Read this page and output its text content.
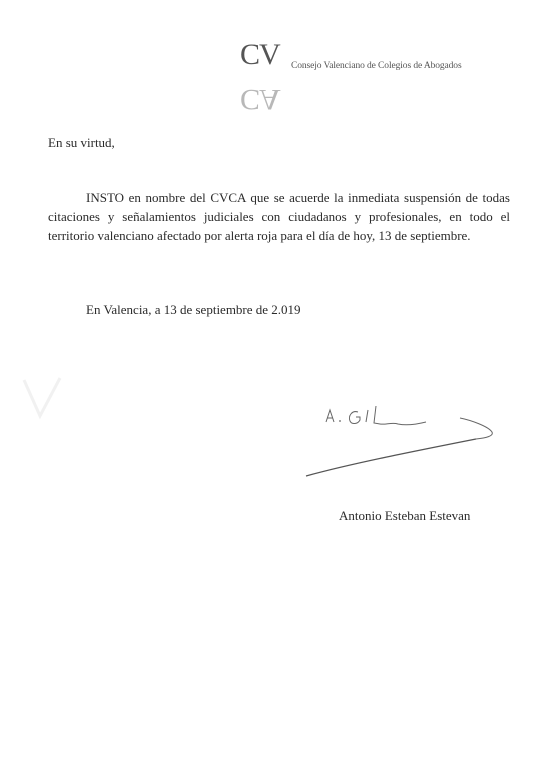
CV
CA
Consejo Valenciano de Colegios de Abogados
En su virtud,
INSTO en nombre del CVCA que se acuerde la inmediata suspensión de todas citaciones y señalamientos judiciales con ciudadanos y profesionales, en todo el territorio valenciano afectado por alerta roja para el día de hoy, 13 de septiembre.
En Valencia, a 13 de septiembre de 2.019
Antonio Esteban Estevan
